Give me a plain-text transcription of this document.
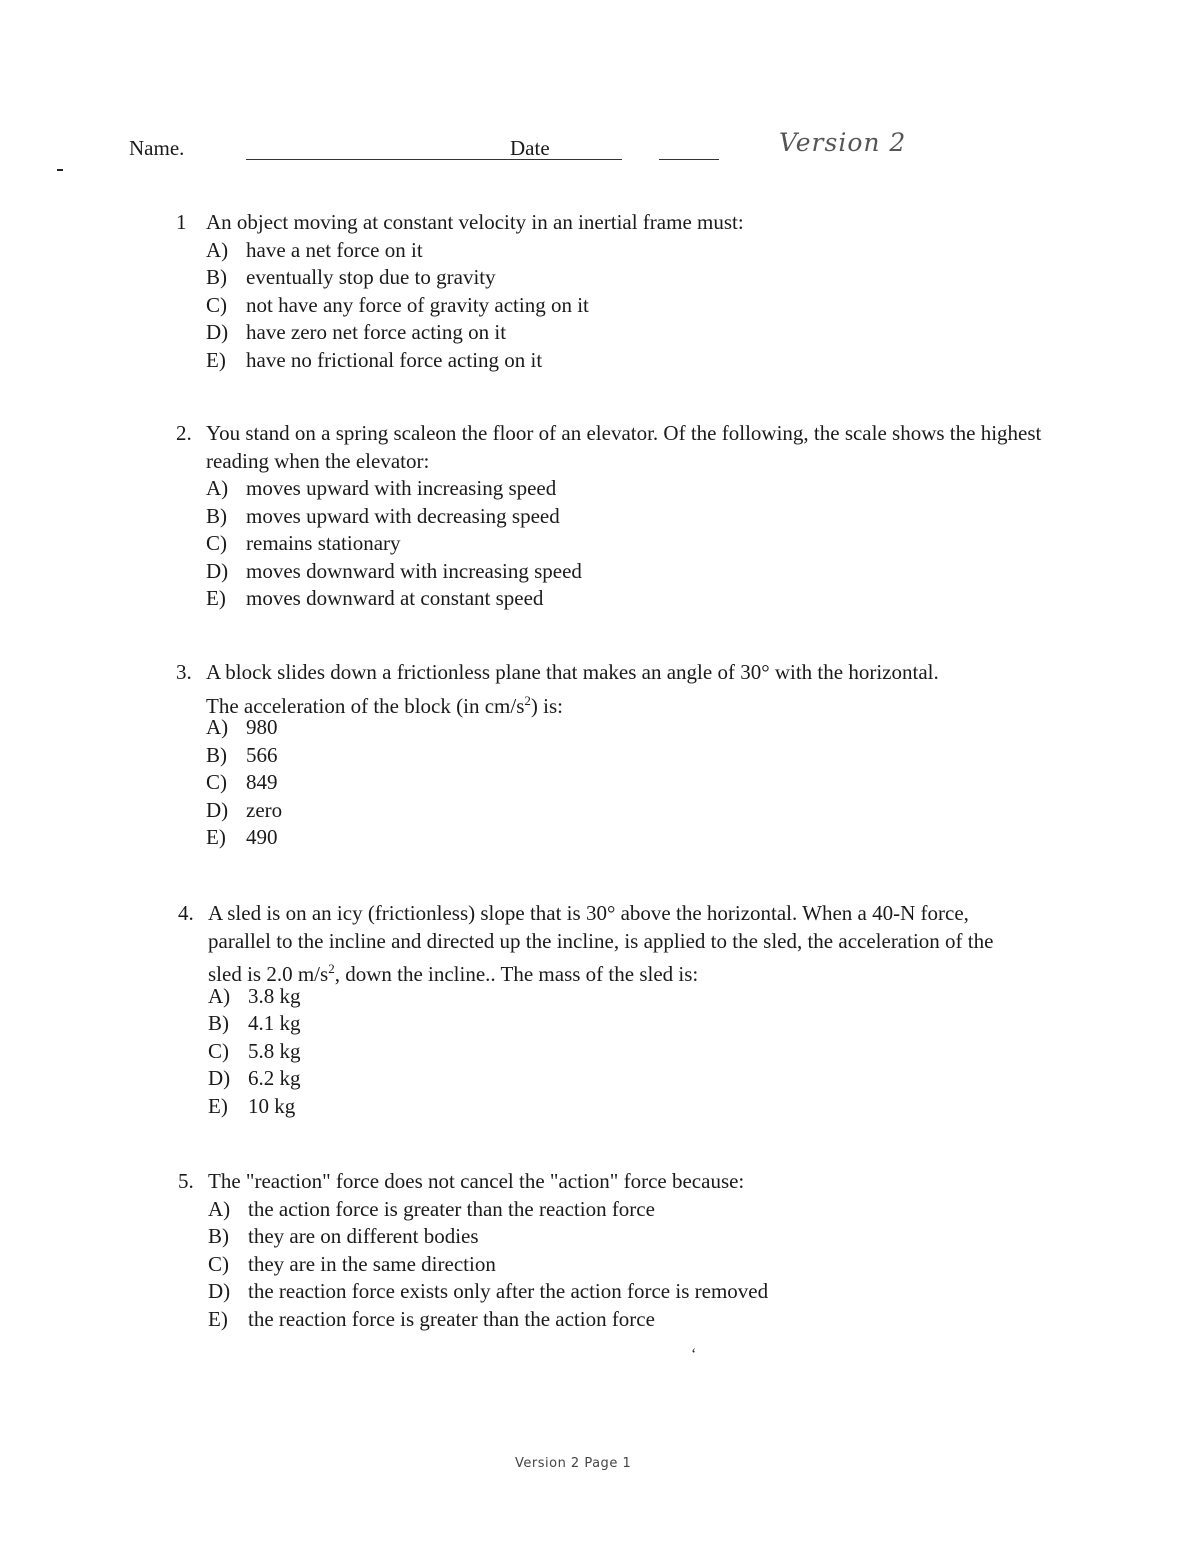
Name.	Date	Version 2
1 An object moving at constant velocity in an inertial frame must:
A) have a net force on it
B) eventually stop due to gravity
C) not have any force of gravity acting on it
D) have zero net force acting on it
E) have no frictional force acting on it
2. You stand on a spring scaleon the floor of an elevator. Of the following, the scale shows the highest reading when the elevator:
A) moves upward with increasing speed
B) moves upward with decreasing speed
C) remains stationary
D) moves downward with increasing speed
E) moves downward at constant speed
3. A block slides down a frictionless plane that makes an angle of 30° with the horizontal.
The acceleration of the block (in $cm/s^2$) is:
A) 980
B) 566
C) 849
D) zero
E) 490
4. A sled is on an icy (frictionless) slope that is 30° above the horizontal. When a 40-N force, parallel to the incline and directed up the incline, is applied to the sled, the acceleration of the sled is 2.0 $m/s^2$, down the incline.. The mass of the sled is:
A) 3.8 kg
B) 4.1 kg
C) 5.8 kg
D) 6.2 kg
E) 10 kg
5. The "reaction" force does not cancel the "action" force because:
A) the action force is greater than the reaction force
B) they are on different bodies
C) they are in the same direction
D) the reaction force exists only after the action force is removed
E) the reaction force is greater than the action force
‘
Version 2 Page 1
